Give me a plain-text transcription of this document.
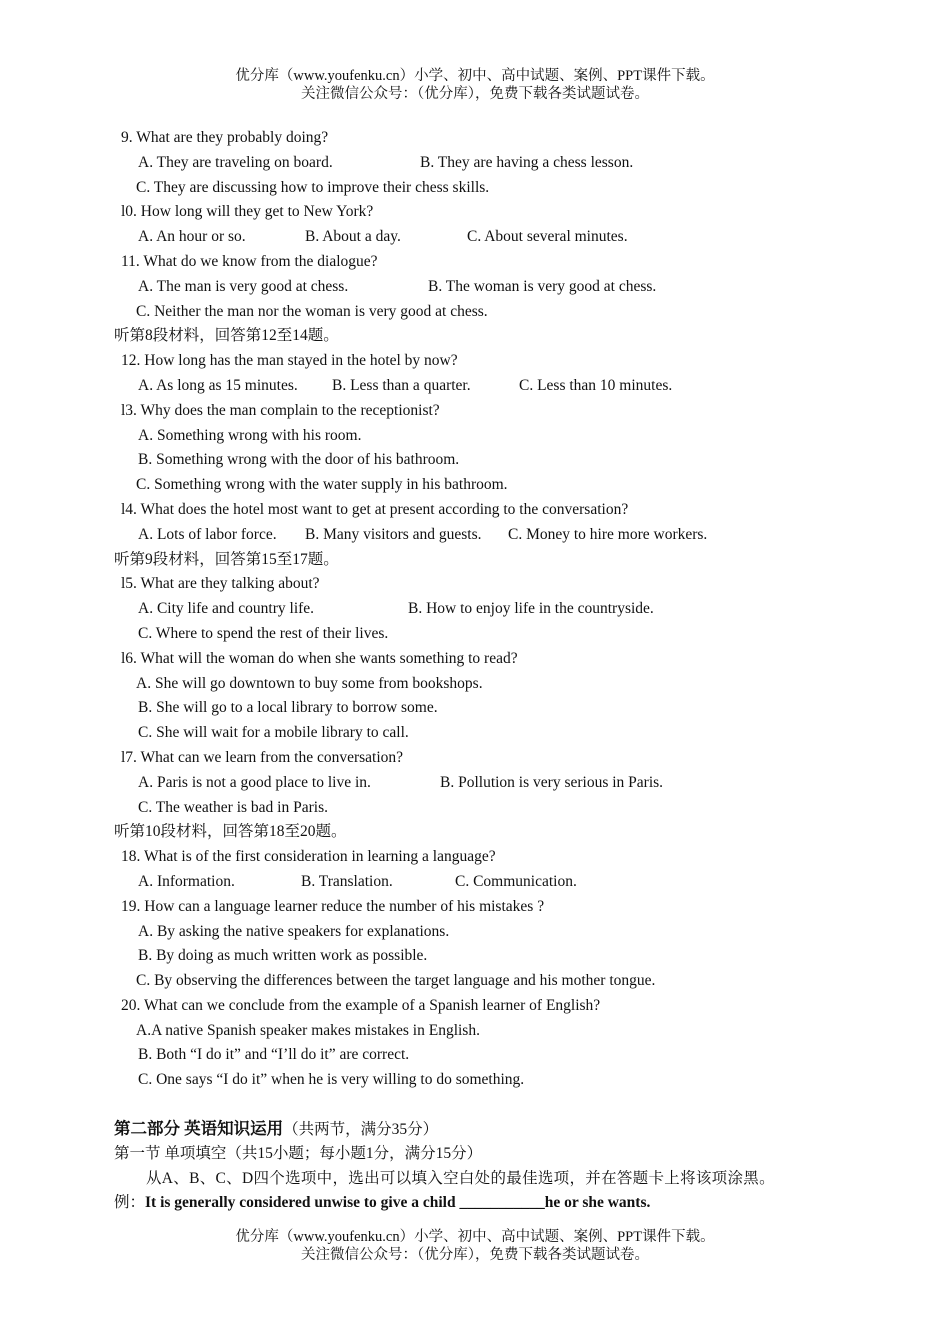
优分库（www.youfenku.cn）小学、初中、高中试题、案例、PPT课件下载。
关注微信公众号：（优分库），免费下载各类试题试卷。
9. What are they probably doing?
A. They are traveling on board.	B. They are having a chess lesson.
C. They are discussing how to improve their chess skills.
l0. How long will they get to New York?
A. An hour or so.	B. About a day.	C. About several minutes.
11. What do we know from the dialogue?
A. The man is very good at chess.	B. The woman is very good at chess.
C. Neither the man nor the woman is very good at chess.
听第8段材料，回答第12至14题。
12. How long has the man stayed in the hotel by now?
A. As long as 15 minutes. B. Less than a quarter.	C. Less than 10 minutes.
l3. Why does the man complain to the receptionist?
A. Something wrong with his room.
B. Something wrong with the door of his bathroom.
C. Something wrong with the water supply in his bathroom.
l4. What does the hotel most want to get at present according to the conversation?
A. Lots of labor force. B. Many visitors and guests. C. Money to hire more workers.
听第9段材料，回答第15至17题。
l5. What are they talking about?
A. City life and country life.	B. How to enjoy life in the countryside.
C. Where to spend the rest of their lives.
l6. What will the woman do when she wants something to read?
A. She will go downtown to buy some from bookshops.
B. She will go to a local library to borrow some.
C. She will wait for a mobile library to call.
l7. What can we learn from the conversation?
A. Paris is not a good place to live in.	B. Pollution is very serious in Paris.
C. The weather is bad in Paris.
听第10段材料，回答第18至20题。
18. What is of the first consideration in learning a language?
A. Information.	B. Translation.	C. Communication.
19. How can a language learner reduce the number of his mistakes ?
A. By asking the native speakers for explanations.
B. By doing as much written work as possible.
C. By observing the differences between the target language and his mother tongue.
20. What can we conclude from the example of a Spanish learner of English?
A.A native Spanish speaker makes mistakes in English.
B. Both “I do it” and “I’ll do it” are correct.
C. One says “I do it” when he is very willing to do something.
第二部分 英语知识运用（共两节，满分35分）
第一节 单项填空（共15小题；每小题1分，满分15分）
从A、B、C、D四个选项中，选出可以填入空白处的最佳选项，并在答题卡上将该项涂黑。
例：It is generally considered unwise to give a child ___________he or she wants.
优分库（www.youfenku.cn）小学、初中、高中试题、案例、PPT课件下载。
关注微信公众号：（优分库），免费下载各类试题试卷。
